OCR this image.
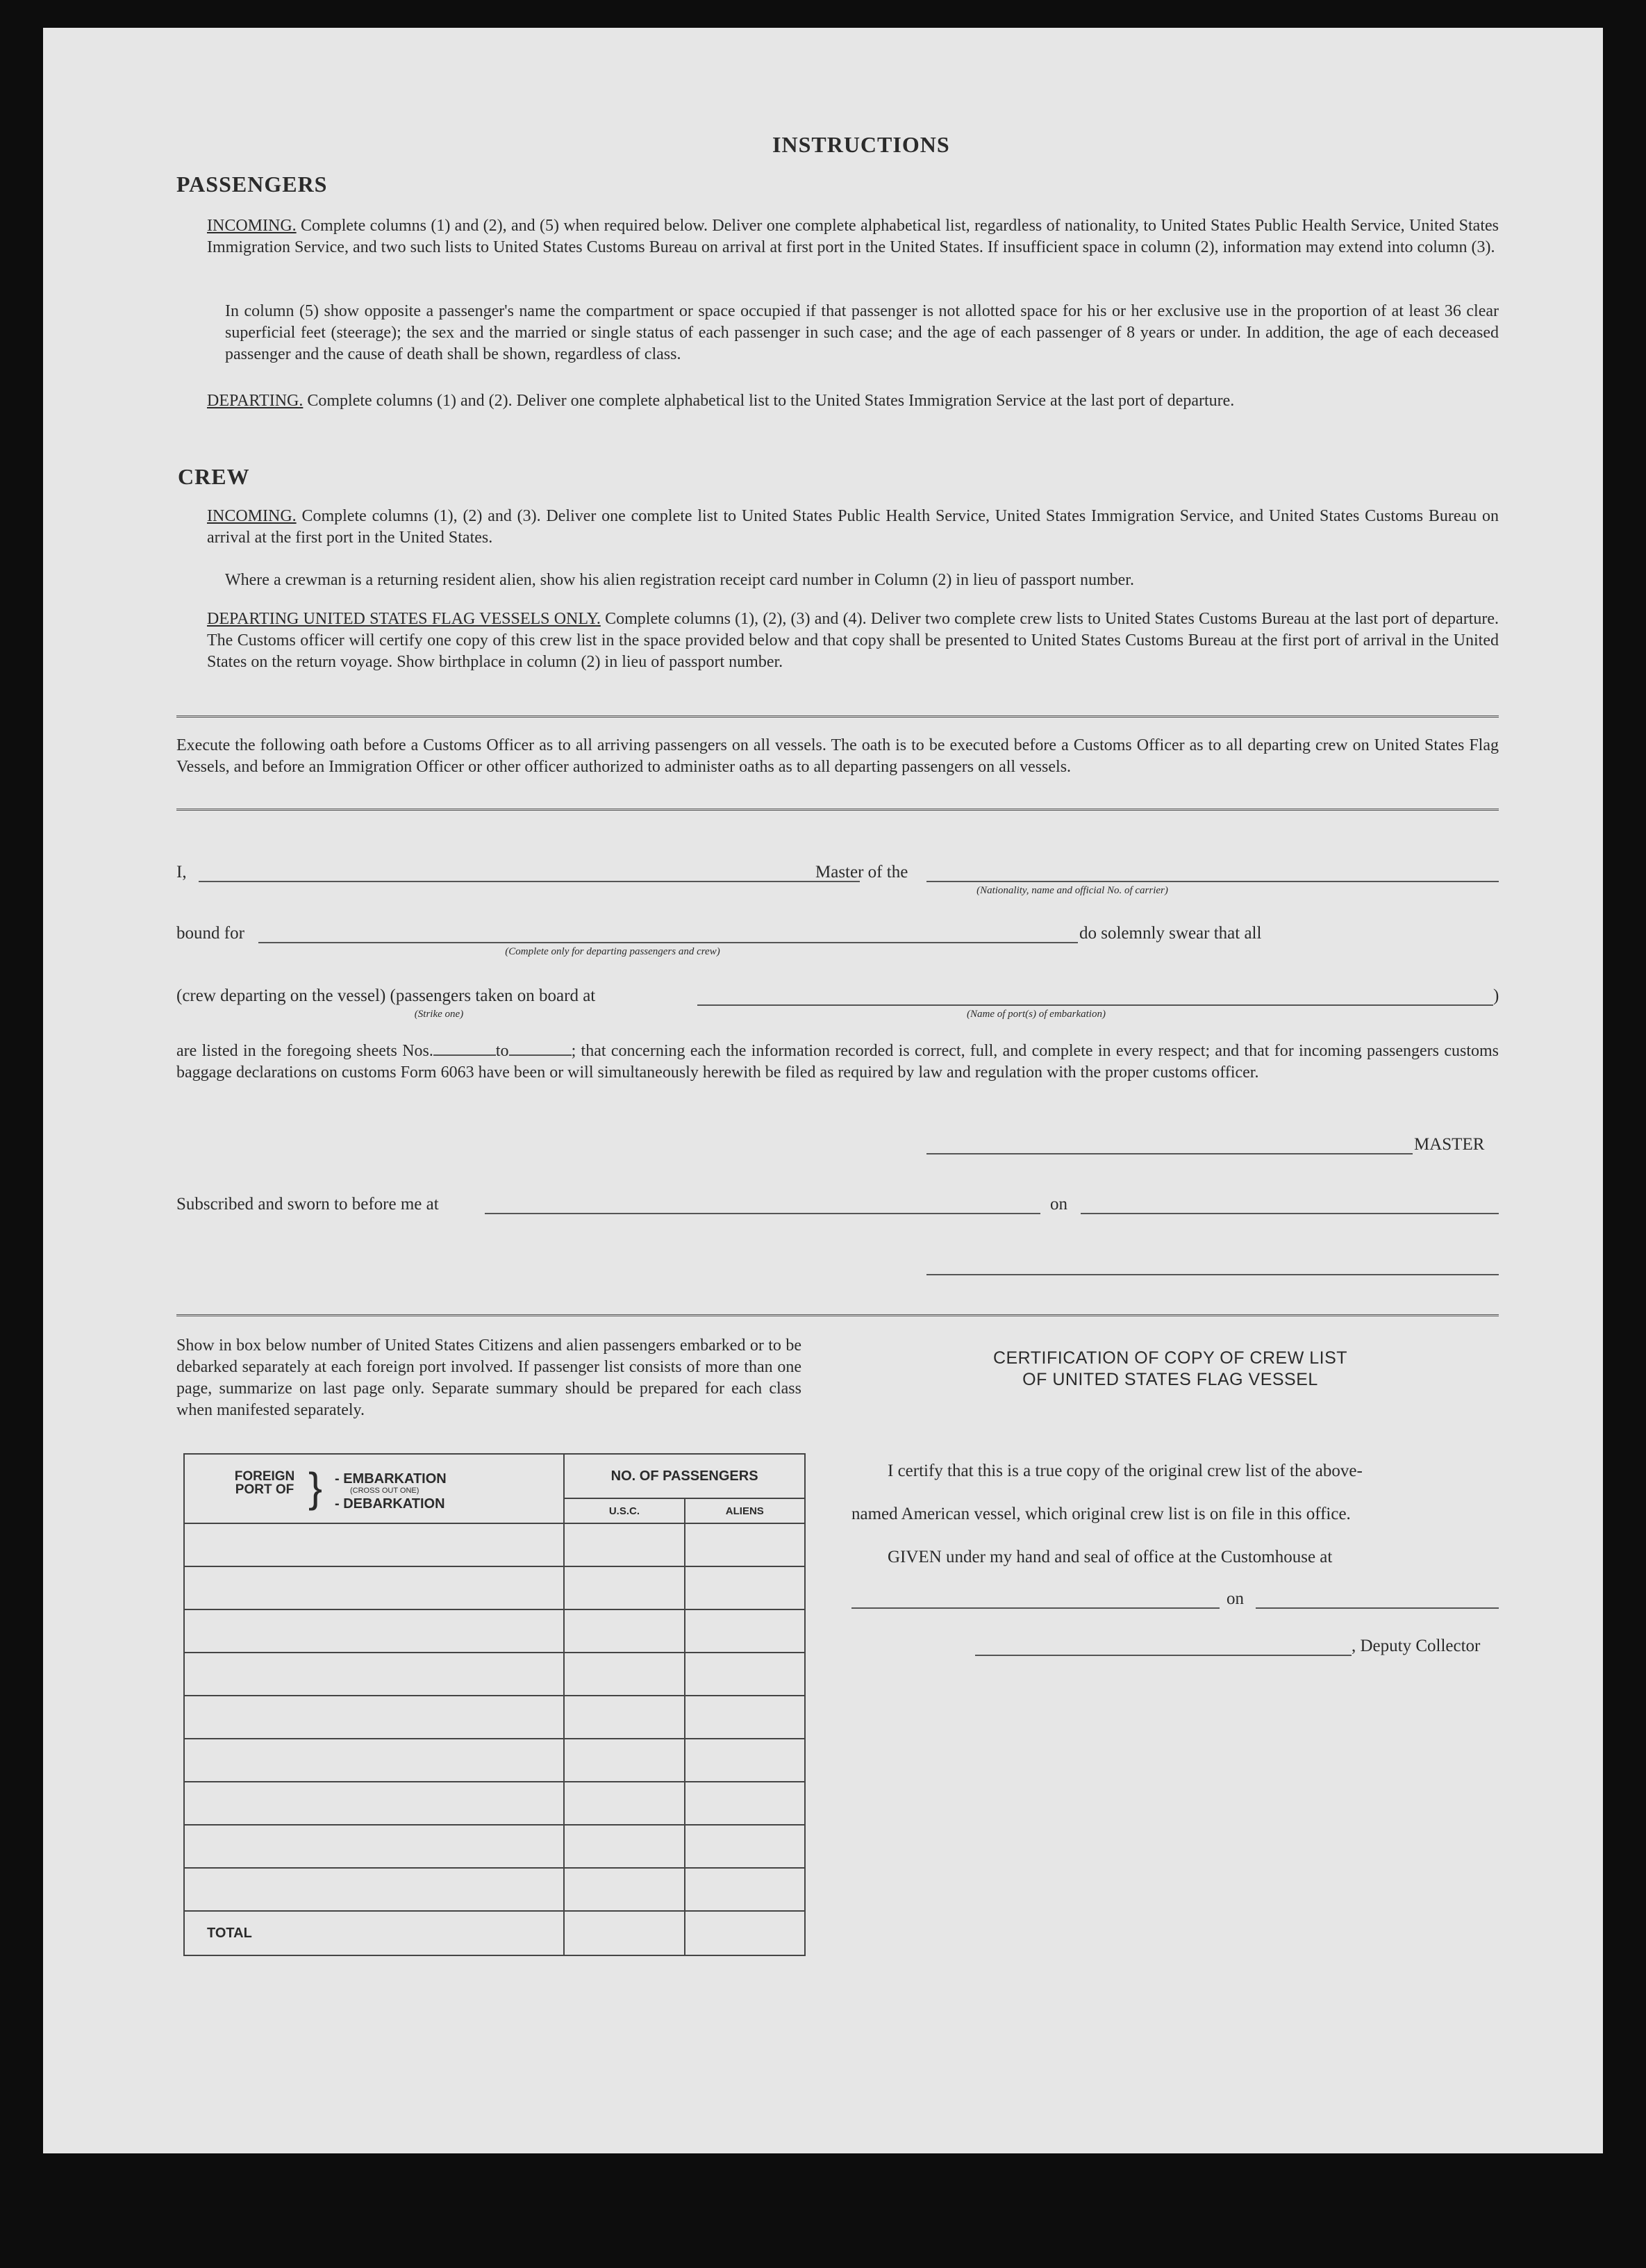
INSTRUCTIONS
PASSENGERS
INCOMING. Complete columns (1) and (2), and (5) when required below. Deliver one complete alphabetical list, regardless of nationality, to United States Public Health Service, United States Immigration Service, and two such lists to United States Customs Bureau on arrival at first port in the United States. If insufficient space in column (2), information may extend into column (3).
In column (5) show opposite a passenger's name the compartment or space occupied if that passenger is not allotted space for his or her exclusive use in the proportion of at least 36 clear superficial feet (steerage); the sex and the married or single status of each passenger in such case; and the age of each passenger of 8 years or under. In addition, the age of each deceased passenger and the cause of death shall be shown, regardless of class.
DEPARTING. Complete columns (1) and (2). Deliver one complete alphabetical list to the United States Immigration Service at the last port of departure.
CREW
INCOMING. Complete columns (1), (2) and (3). Deliver one complete list to United States Public Health Service, United States Immigration Service, and United States Customs Bureau on arrival at the first port in the United States.
Where a crewman is a returning resident alien, show his alien registration receipt card number in Column (2) in lieu of passport number.
DEPARTING UNITED STATES FLAG VESSELS ONLY. Complete columns (1), (2), (3) and (4). Deliver two complete crew lists to United States Customs Bureau at the last port of departure. The Customs officer will certify one copy of this crew list in the space provided below and that copy shall be presented to United States Customs Bureau at the first port of arrival in the United States on the return voyage. Show birthplace in column (2) in lieu of passport number.
Execute the following oath before a Customs Officer as to all arriving passengers on all vessels. The oath is to be executed before a Customs Officer as to all departing crew on United States Flag Vessels, and before an Immigration Officer or other officer authorized to administer oaths as to all departing passengers on all vessels.
I,	Master of the
(Nationality, name and official No. of carrier)
bound for
(Complete only for departing passengers and crew)
do solemnly swear that all
(crew departing on the vessel) (passengers taken on board at	)
(Strike one)	(Name of port(s) of embarkation)
are listed in the foregoing sheets Nos.	to	; that concerning each the information recorded is correct, full, and complete in every respect; and that for incoming passengers customs baggage declarations on customs Form 6063 have been or will simultaneously herewith be filed as required by law and regulation with the proper customs officer.
MASTER
Subscribed and sworn to before me at	on
Show in box below number of United States Citizens and alien passengers embarked or to be debarked separately at each foreign port involved. If passenger list consists of more than one page, summarize on last page only. Separate summary should be prepared for each class when manifested separately.
FOREIGN PORT OF } - EMBARKATION
(CROSS OUT ONE)
- DEBARKATION	NO. OF PASSENGERS	
	U.S.C.	ALIENS

TOTAL		
CERTIFICATION OF COPY OF CREW LIST
OF UNITED STATES FLAG VESSEL
I certify that this is a true copy of the original crew list of the above-
named American vessel, which original crew list is on file in this office.
GIVEN under my hand and seal of office at the Customhouse at
on
, Deputy Collector
